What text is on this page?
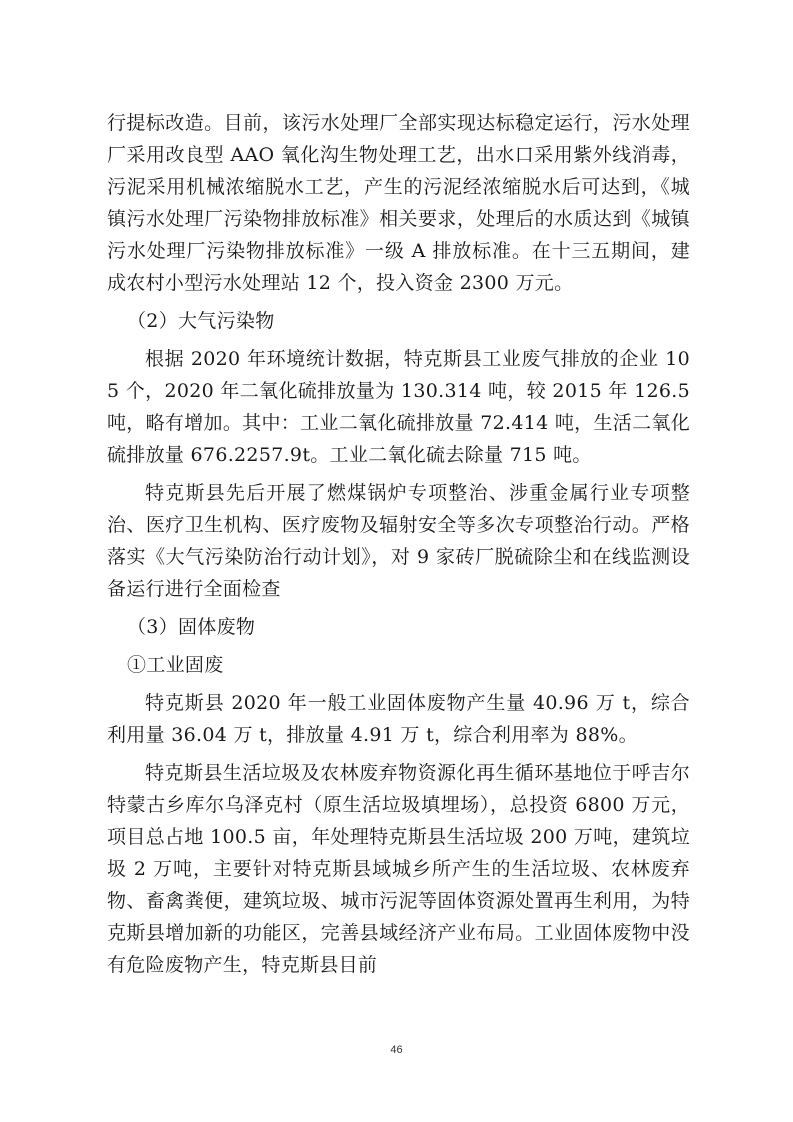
行提标改造。目前，该污水处理厂全部实现达标稳定运行，污水处理厂采用改良型 AAO 氧化沟生物处理工艺，出水口采用紫外线消毒，污泥采用机械浓缩脱水工艺，产生的污泥经浓缩脱水后可达到，《城镇污水处理厂污染物排放标准》相关要求，处理后的水质达到《城镇污水处理厂污染物排放标准》一级 A 排放标准。在十三五期间，建成农村小型污水处理站 12 个，投入资金 2300 万元。

（2）大气污染物

根据 2020 年环境统计数据，特克斯县工业废气排放的企业 105 个，2020 年二氧化硫排放量为 130.314 吨，较 2015 年 126.5 吨，略有增加。其中：工业二氧化硫排放量 72.414 吨，生活二氧化硫排放量 676.2257.9t。工业二氧化硫去除量 715 吨。

特克斯县先后开展了燃煤锅炉专项整治、涉重金属行业专项整治、医疗卫生机构、医疗废物及辐射安全等多次专项整治行动。严格落实《大气污染防治行动计划》，对 9 家砖厂脱硫除尘和在线监测设备运行进行全面检查

（3）固体废物

①工业固废

特克斯县 2020 年一般工业固体废物产生量 40.96 万 t，综合利用量 36.04 万 t，排放量 4.91 万 t，综合利用率为 88%。

特克斯县生活垃圾及农林废弃物资源化再生循环基地位于呼吉尔特蒙古乡库尔乌泽克村（原生活垃圾填埋场），总投资 6800 万元，项目总占地 100.5 亩，年处理特克斯县生活垃圾 200 万吨，建筑垃圾 2 万吨，主要针对特克斯县域城乡所产生的生活垃圾、农林废弃物、畜禽粪便，建筑垃圾、城市污泥等固体资源处置再生利用，为特克斯县增加新的功能区，完善县域经济产业布局。工业固体废物中没有危险废物产生，特克斯县目前

46
